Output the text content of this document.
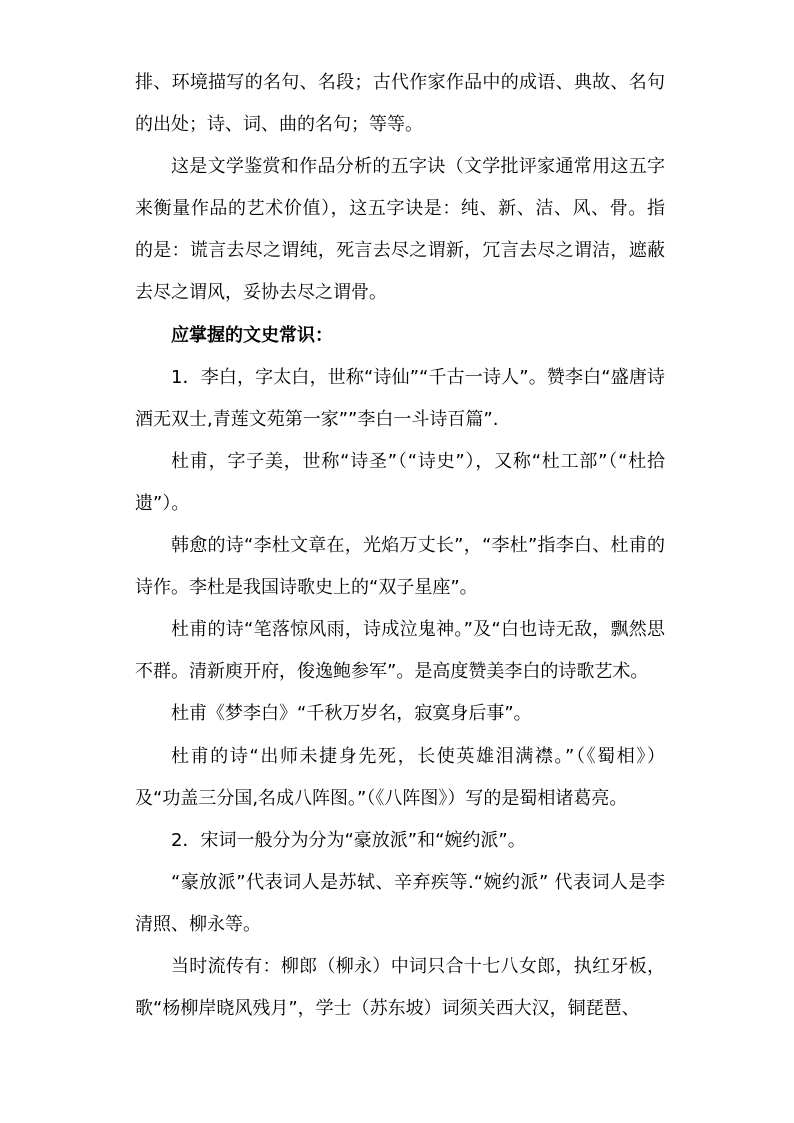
排、环境描写的名句、名段；古代作家作品中的成语、典故、名句的出处；诗、词、曲的名句；等等。

这是文学鉴赏和作品分析的五字诀（文学批评家通常用这五字来衡量作品的艺术价值），这五字诀是：纯、新、洁、风、骨。指的是：谎言去尽之谓纯，死言去尽之谓新，冗言去尽之谓洁，遮蔽去尽之谓风，妥协去尽之谓骨。

应掌握的文史常识：

1．李白，字太白，世称“诗仙”“千古一诗人”。赞李白“盛唐诗酒无双士,青莲文苑第一家””李白一斗诗百篇”.

杜甫，字子美，世称“诗圣”（“诗史”），又称“杜工部”（“杜拾遗”）。

韩愈的诗“李杜文章在，光焰万丈长”，“李杜”指李白、杜甫的诗作。李杜是我国诗歌史上的“双子星座”。

杜甫的诗“笔落惊风雨，诗成泣鬼神。”及“白也诗无敌，飘然思不群。清新庾开府，俊逸鲍参军”。是高度赞美李白的诗歌艺术。

杜甫《梦李白》“千秋万岁名，寂寞身后事”。

杜甫的诗“出师未捷身先死，长使英雄泪满襟。”（《蜀相》）及“功盖三分国,名成八阵图。”（《八阵图》）写的是蜀相诸葛亮。

2．宋词一般分为分为“豪放派”和“婉约派”。

“豪放派”代表词人是苏轼、辛弃疾等.“婉约派” 代表词人是李清照、柳永等。

当时流传有：柳郎（柳永）中词只合十七八女郎，执红牙板，歌“杨柳岸晓风残月”，学士（苏东坡）词须关西大汉，铜琵琶、
